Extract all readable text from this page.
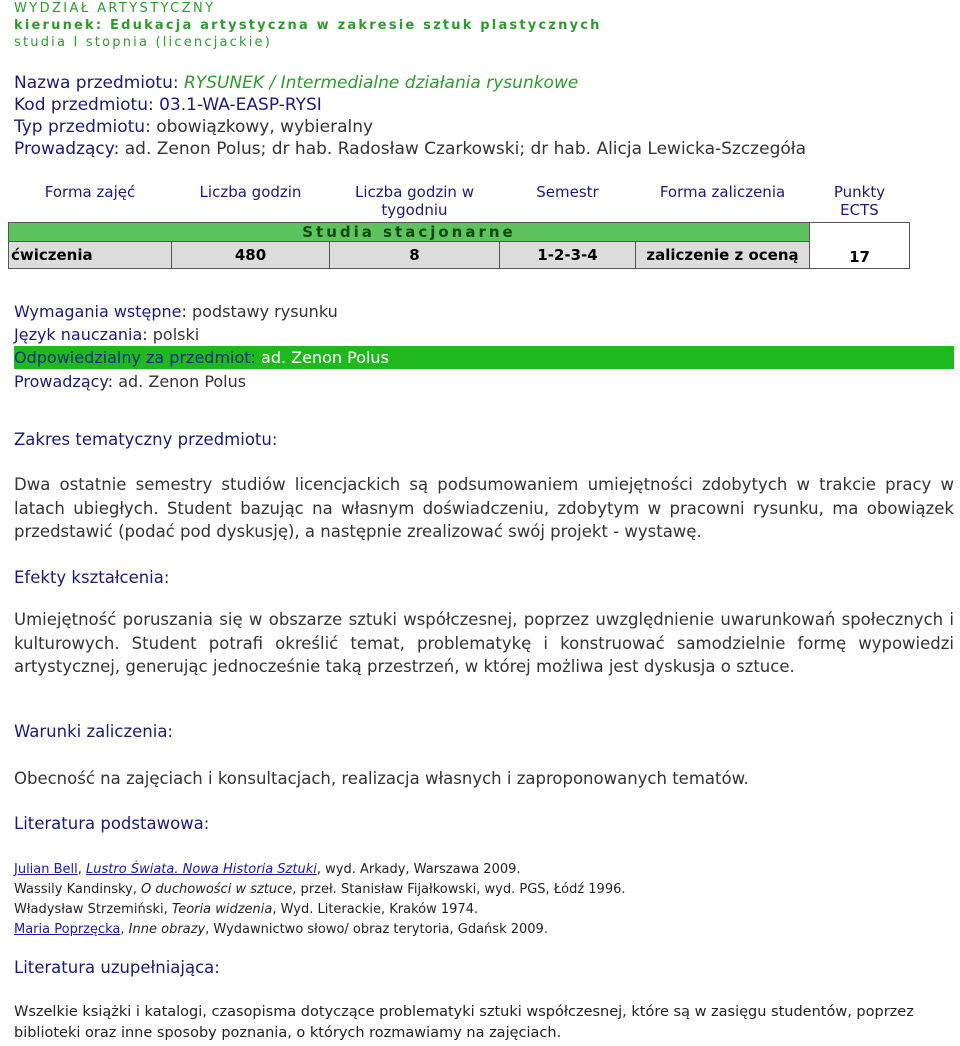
WYDZIAŁ ARTYSTYCZNY
kierunek: Edukacja artystyczna w zakresie sztuk plastycznych
studia I stopnia (licencjackie)
Nazwa przedmiotu: RYSUNEK / Intermedialne działania rysunkowe
Kod przedmiotu: 03.1-WA-EASP-RYSI
Typ przedmiotu: obowiązkowy, wybieralny
Prowadzący: ad. Zenon Polus; dr hab. Radosław Czarkowski; dr hab. Alicja Lewicka-Szczegóła
Forma zajęć	Liczba godzin	Liczba godzin w tygodniu	Semestr	Forma zaliczenia	Punkty ECTS
Studia stacjonarne					17
ćwiczenia	480	8	1-2-3-4	zaliczenie z oceną	
Wymagania wstępne: podstawy rysunku
Język nauczania: polski
Odpowiedzialny za przedmiot: ad. Zenon Polus
Prowadzący: ad. Zenon Polus
Zakres tematyczny przedmiotu:
Dwa ostatnie semestry studiów licencjackich są podsumowaniem umiejętności zdobytych w trakcie pracy w latach ubiegłych. Student bazując na własnym doświadczeniu, zdobytym w pracowni rysunku, ma obowiązek przedstawić (podać pod dyskusję), a następnie zrealizować swój projekt - wystawę.
Efekty kształcenia:
Umiejętność poruszania się w obszarze sztuki współczesnej, poprzez uwzględnienie uwarunkowań społecznych i kulturowych. Student potrafi określić temat, problematykę i konstruować samodzielnie formę wypowiedzi artystycznej, generując jednocześnie taką przestrzeń, w której możliwa jest dyskusja o sztuce.
Warunki zaliczenia:
Obecność na zajęciach i konsultacjach, realizacja własnych i zaproponowanych tematów.
Literatura podstawowa:
Julian Bell, Lustro Świata. Nowa Historia Sztuki, wyd. Arkady, Warszawa 2009.
Wassily Kandinsky, O duchowości w sztuce, przeł. Stanisław Fijałkowski, wyd. PGS, Łódź 1996.
Władysław Strzemiński, Teoria widzenia, Wyd. Literackie, Kraków 1974.
Maria Poprzęcka, Inne obrazy, Wydawnictwo słowo/ obraz terytoria, Gdańsk 2009.
Literatura uzupełniająca:
Wszelkie książki i katalogi, czasopisma dotyczące problematyki sztuki współczesnej, które są w zasięgu studentów, poprzez biblioteki oraz inne sposoby poznania, o których rozmawiamy na zajęciach.
